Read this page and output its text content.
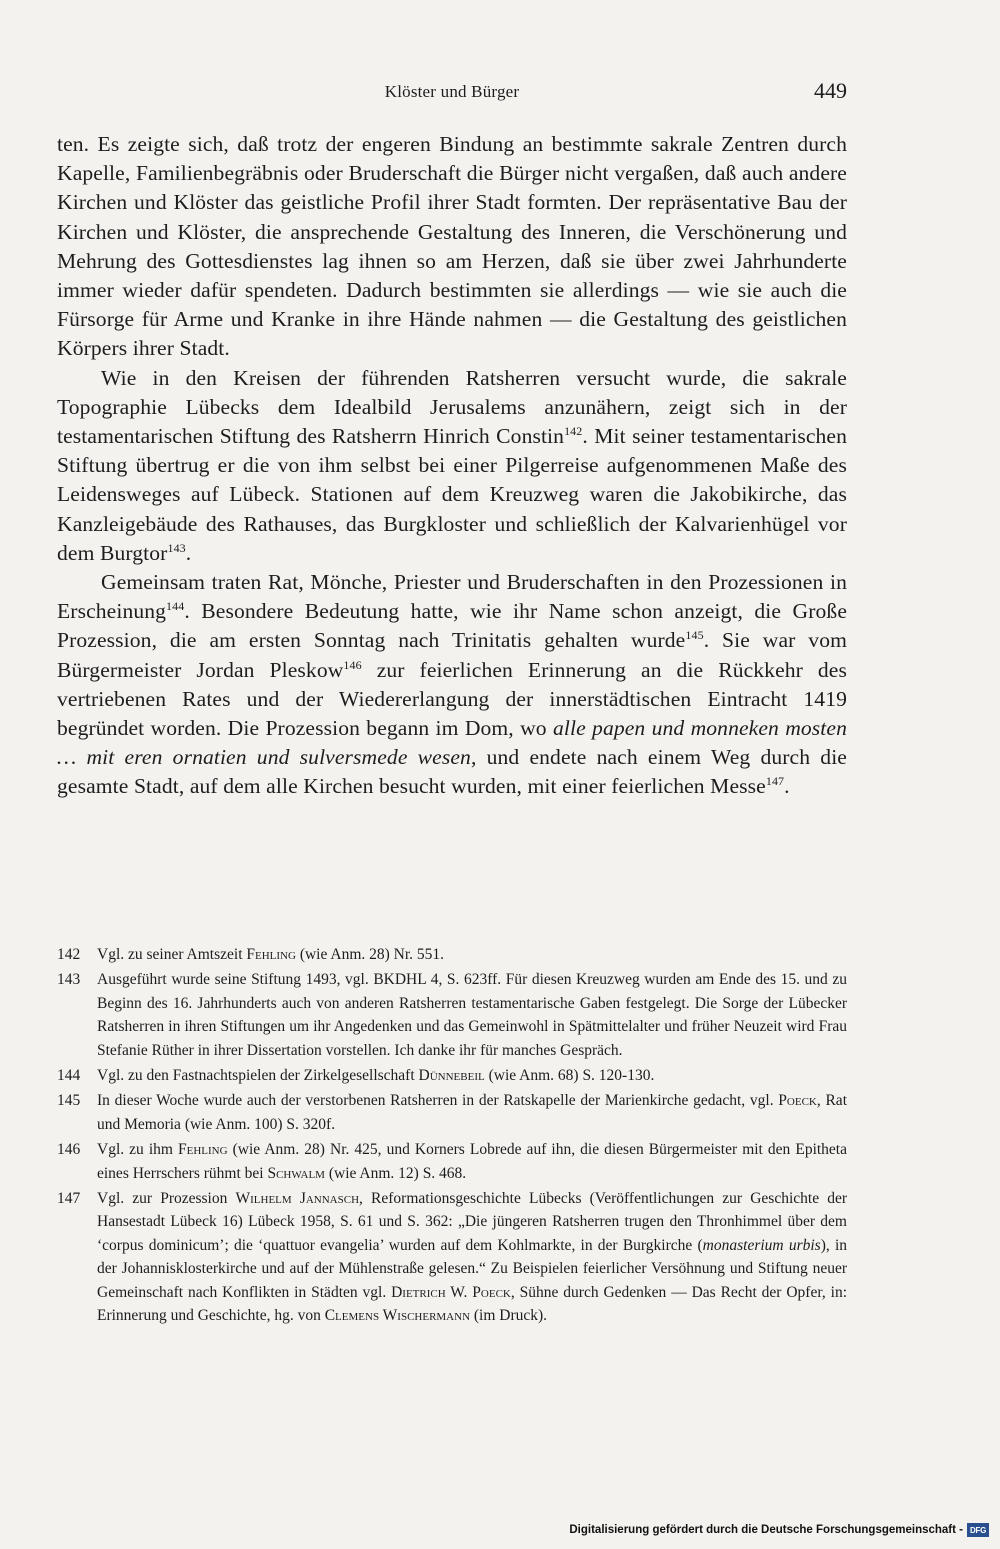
Klöster und Bürger	449

ten. Es zeigte sich, daß trotz der engeren Bindung an bestimmte sakrale Zentren durch Kapelle, Familienbegräbnis oder Bruderschaft die Bürger nicht vergaßen, daß auch andere Kirchen und Klöster das geistliche Profil ihrer Stadt formten. Der repräsentative Bau der Kirchen und Klöster, die ansprechende Gestaltung des Inneren, die Verschönerung und Mehrung des Gottesdienstes lag ihnen so am Herzen, daß sie über zwei Jahrhunderte immer wieder dafür spendeten. Dadurch bestimmten sie allerdings — wie sie auch die Fürsorge für Arme und Kranke in ihre Hände nahmen — die Gestaltung des geistlichen Körpers ihrer Stadt.

Wie in den Kreisen der führenden Ratsherren versucht wurde, die sakrale Topographie Lübecks dem Idealbild Jerusalems anzunähern, zeigt sich in der testamentarischen Stiftung des Ratsherrn Hinrich Constin$^{142}$. Mit seiner testamentarischen Stiftung übertrug er die von ihm selbst bei einer Pilgerreise aufgenommenen Maße des Leidensweges auf Lübeck. Stationen auf dem Kreuzweg waren die Jakobikirche, das Kanzleigebäude des Rathauses, das Burgkloster und schließlich der Kalvarienhügel vor dem Burgtor$^{143}$.

Gemeinsam traten Rat, Mönche, Priester und Bruderschaften in den Prozessionen in Erscheinung$^{144}$. Besondere Bedeutung hatte, wie ihr Name schon anzeigt, die Große Prozession, die am ersten Sonntag nach Trinitatis gehalten wurde$^{145}$. Sie war vom Bürgermeister Jordan Pleskow$^{146}$ zur feierlichen Erinnerung an die Rückkehr des vertriebenen Rates und der Wiedererlangung der innerstädtischen Eintracht 1419 begründet worden. Die Prozession begann im Dom, wo alle papen und monneken mosten … mit eren ornatien und sulversmede wesen, und endete nach einem Weg durch die gesamte Stadt, auf dem alle Kirchen besucht wurden, mit einer feierlichen Messe$^{147}$.

142	Vgl. zu seiner Amtszeit Fehling (wie Anm. 28) Nr. 551.
143	Ausgeführt wurde seine Stiftung 1493, vgl. BKDHL 4, S. 623ff. Für diesen Kreuzweg wurden am Ende des 15. und zu Beginn des 16. Jahrhunderts auch von anderen Ratsherren testamentarische Gaben festgelegt. Die Sorge der Lübecker Ratsherren in ihren Stiftungen um ihr Angedenken und das Gemeinwohl in Spätmittelalter und früher Neuzeit wird Frau Stefanie Rüther in ihrer Dissertation vorstellen. Ich danke ihr für manches Gespräch.
144	Vgl. zu den Fastnachtspielen der Zirkelgesellschaft Dünnebeil (wie Anm. 68) S. 120-130.
145	In dieser Woche wurde auch der verstorbenen Ratsherren in der Ratskapelle der Marienkirche gedacht, vgl. Poeck, Rat und Memoria (wie Anm. 100) S. 320f.
146	Vgl. zu ihm Fehling (wie Anm. 28) Nr. 425, und Korners Lobrede auf ihn, die diesen Bürgermeister mit den Epitheta eines Herrschers rühmt bei Schwalm (wie Anm. 12) S. 468.
147	Vgl. zur Prozession Wilhelm Jannasch, Reformationsgeschichte Lübecks (Veröffentlichungen zur Geschichte der Hansestadt Lübeck 16) Lübeck 1958, S. 61 und S. 362: „Die jüngeren Ratsherren trugen den Thronhimmel über dem ‘corpus dominicum’; die ‘quattuor evangelia’ wurden auf dem Kohlmarkte, in der Burgkirche (monasterium urbis), in der Johannisklosterkirche und auf der Mühlenstraße gelesen.“ Zu Beispielen feierlicher Versöhnung und Stiftung neuer Gemeinschaft nach Konflikten in Städten vgl. Dietrich W. Poeck, Sühne durch Gedenken — Das Recht der Opfer, in: Erinnerung und Geschichte, hg. von Clemens Wischermann (im Druck).
Digitalisierung gefördert durch die Deutsche Forschungsgemeinschaft - DFG
